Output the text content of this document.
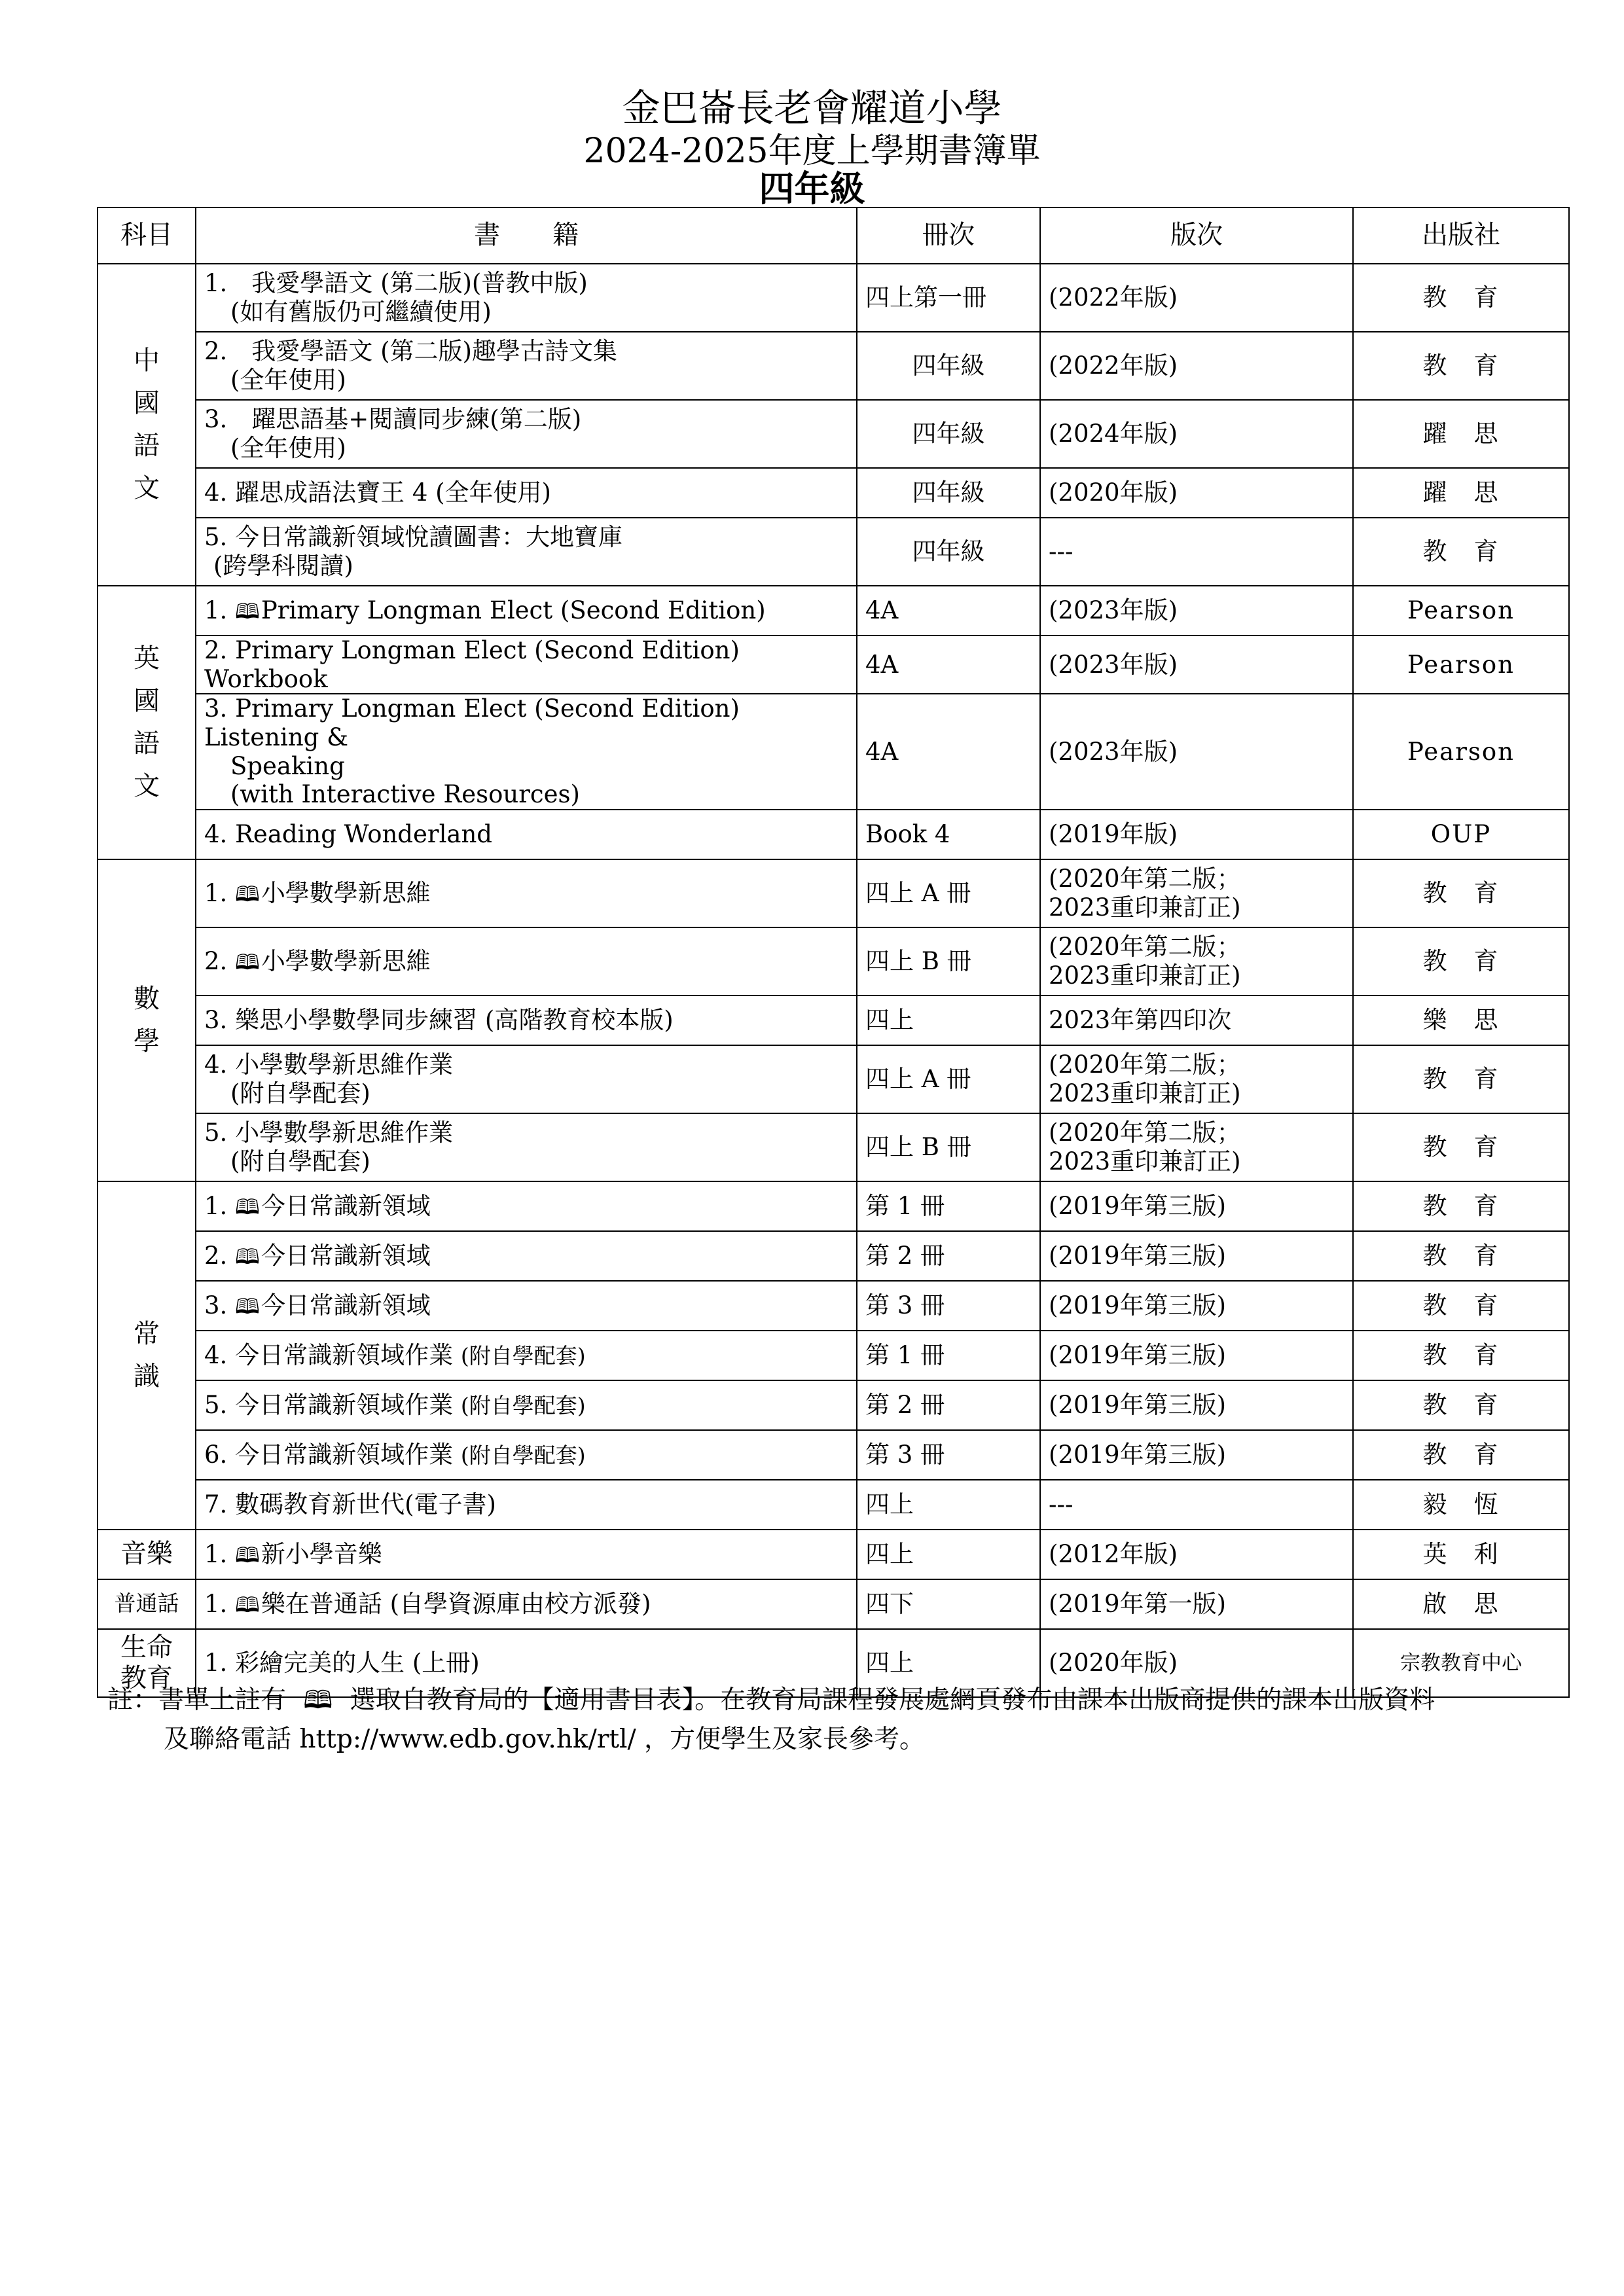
金巴崙長老會耀道小學
2024-2025年度上學期書簿單
四年級
科目	書　　籍	冊次	版次	出版社

中
國
語
文	1.　我愛學語文 (第二版)(普教中版)
(如有舊版仍可繼續使用)	四上第一冊	(2022年版)	教　育
	2.　我愛學語文 (第二版)趣學古詩文集
(全年使用)	四年級	(2022年版)	教　育
	3.　躍思語基+閱讀同步練(第二版)
(全年使用)	四年級	(2024年版)	躍　思
	4. 躍思成語法寶王 4 (全年使用)	四年級	(2020年版)	躍　思
	5. 今日常識新領域悅讀圖書：大地寶庫
(跨學科閱讀)	四年級	---	教　育

英
國
語
文	1. 🕮Primary Longman Elect (Second Edition)	4A	(2023年版)	Pearson
	2. Primary Longman Elect (Second Edition) Workbook	4A	(2023年版)	Pearson
	3. Primary Longman Elect (Second Edition) Listening &
Speaking
(with Interactive Resources)	4A	(2023年版)	Pearson
	4. Reading Wonderland	Book 4	(2019年版)	OUP

數
學	1. 🕮小學數學新思維	四上 A 冊	(2020年第二版；
2023重印兼訂正)	教　育
	2. 🕮小學數學新思維	四上 B 冊	(2020年第二版；
2023重印兼訂正)	教　育
	3. 樂思小學數學同步練習 (高階教育校本版)	四上	2023年第四印次	樂　思
	4. 小學數學新思維作業
(附自學配套)	四上 A 冊	(2020年第二版；
2023重印兼訂正)	教　育
	5. 小學數學新思維作業
(附自學配套)	四上 B 冊	(2020年第二版；
2023重印兼訂正)	教　育

常
識	1. 🕮今日常識新領域	第 1 冊	(2019年第三版)	教　育
	2. 🕮今日常識新領域	第 2 冊	(2019年第三版)	教　育
	3. 🕮今日常識新領域	第 3 冊	(2019年第三版)	教　育
	4. 今日常識新領域作業 (附自學配套)	第 1 冊	(2019年第三版)	教　育
	5. 今日常識新領域作業 (附自學配套)	第 2 冊	(2019年第三版)	教　育
	6. 今日常識新領域作業 (附自學配套)	第 3 冊	(2019年第三版)	教　育
	7. 數碼教育新世代(電子書)	四上	---	毅　恆
音樂	1. 🕮新小學音樂	四上	(2012年版)	英　利
普通話	1. 🕮樂在普通話 (自學資源庫由校方派發)	四下	(2019年第一版)	啟　思
生命教育	1. 彩繪完美的人生 (上冊)	四上	(2020年版)	宗教教育中心
註：書單上註有 🕮 選取自教育局的【適用書目表】。在教育局課程發展處網頁發布由課本出版商提供的課本出版資料
及聯絡電話 http://www.edb.gov.hk/rtl/ ，方便學生及家長參考。
